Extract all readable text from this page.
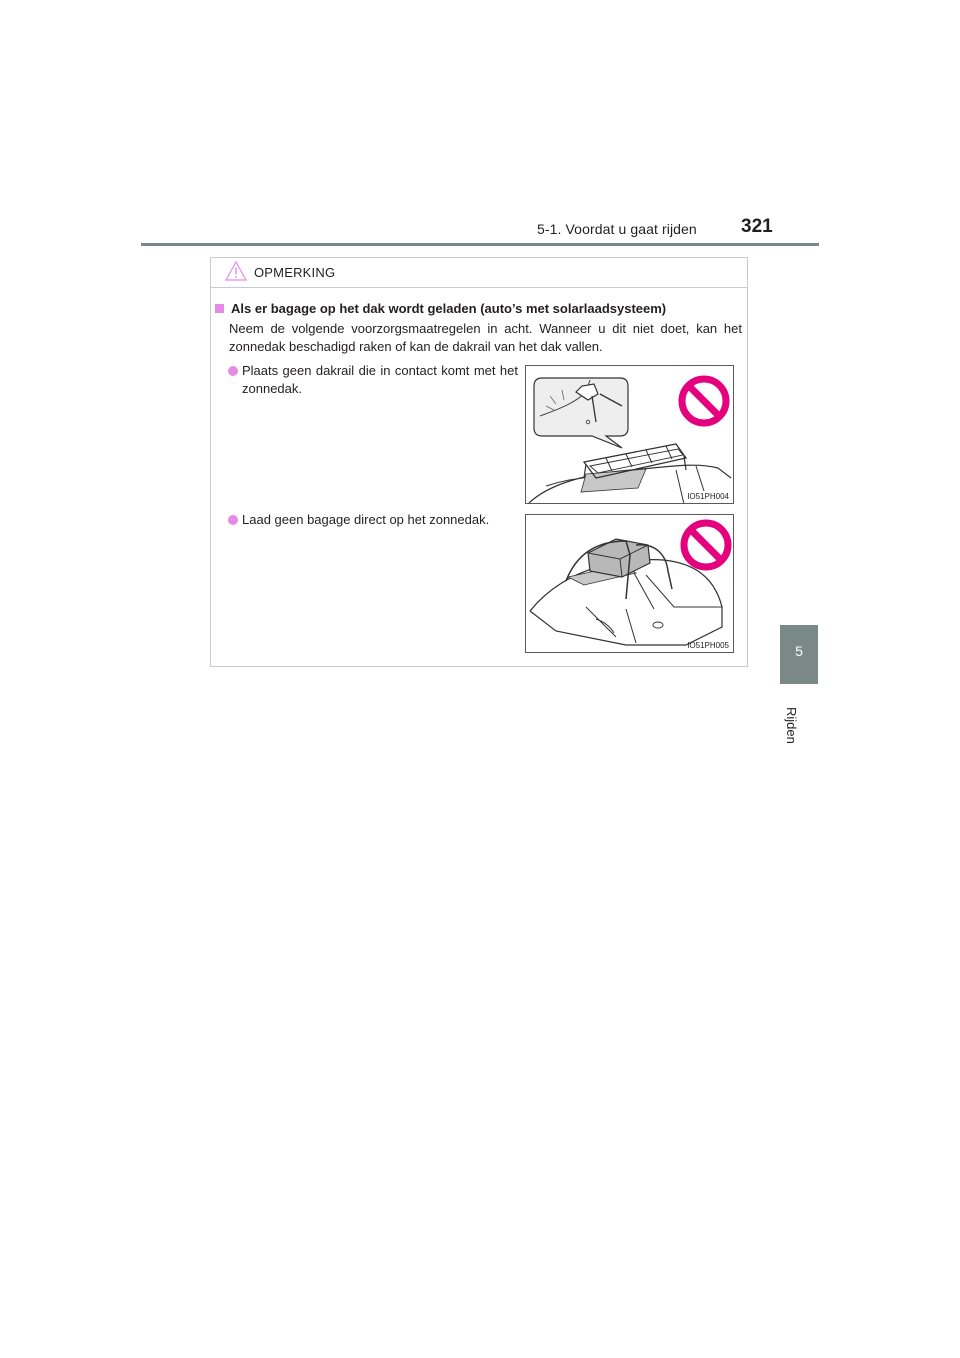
5-1. Voordat u gaat rijden 321
5
Rijden
OPMERKING
Als er bagage op het dak wordt geladen (auto’s met solarlaadsysteem)
Neem de volgende voorzorgsmaatregelen in acht. Wanneer u dit niet doet, kan het zonnedak beschadigd raken of kan de dakrail van het dak vallen.
Plaats geen dakrail die in contact komt met het zonnedak.
IO51PH004
Laad geen bagage direct op het zonnedak.
IO51PH005
